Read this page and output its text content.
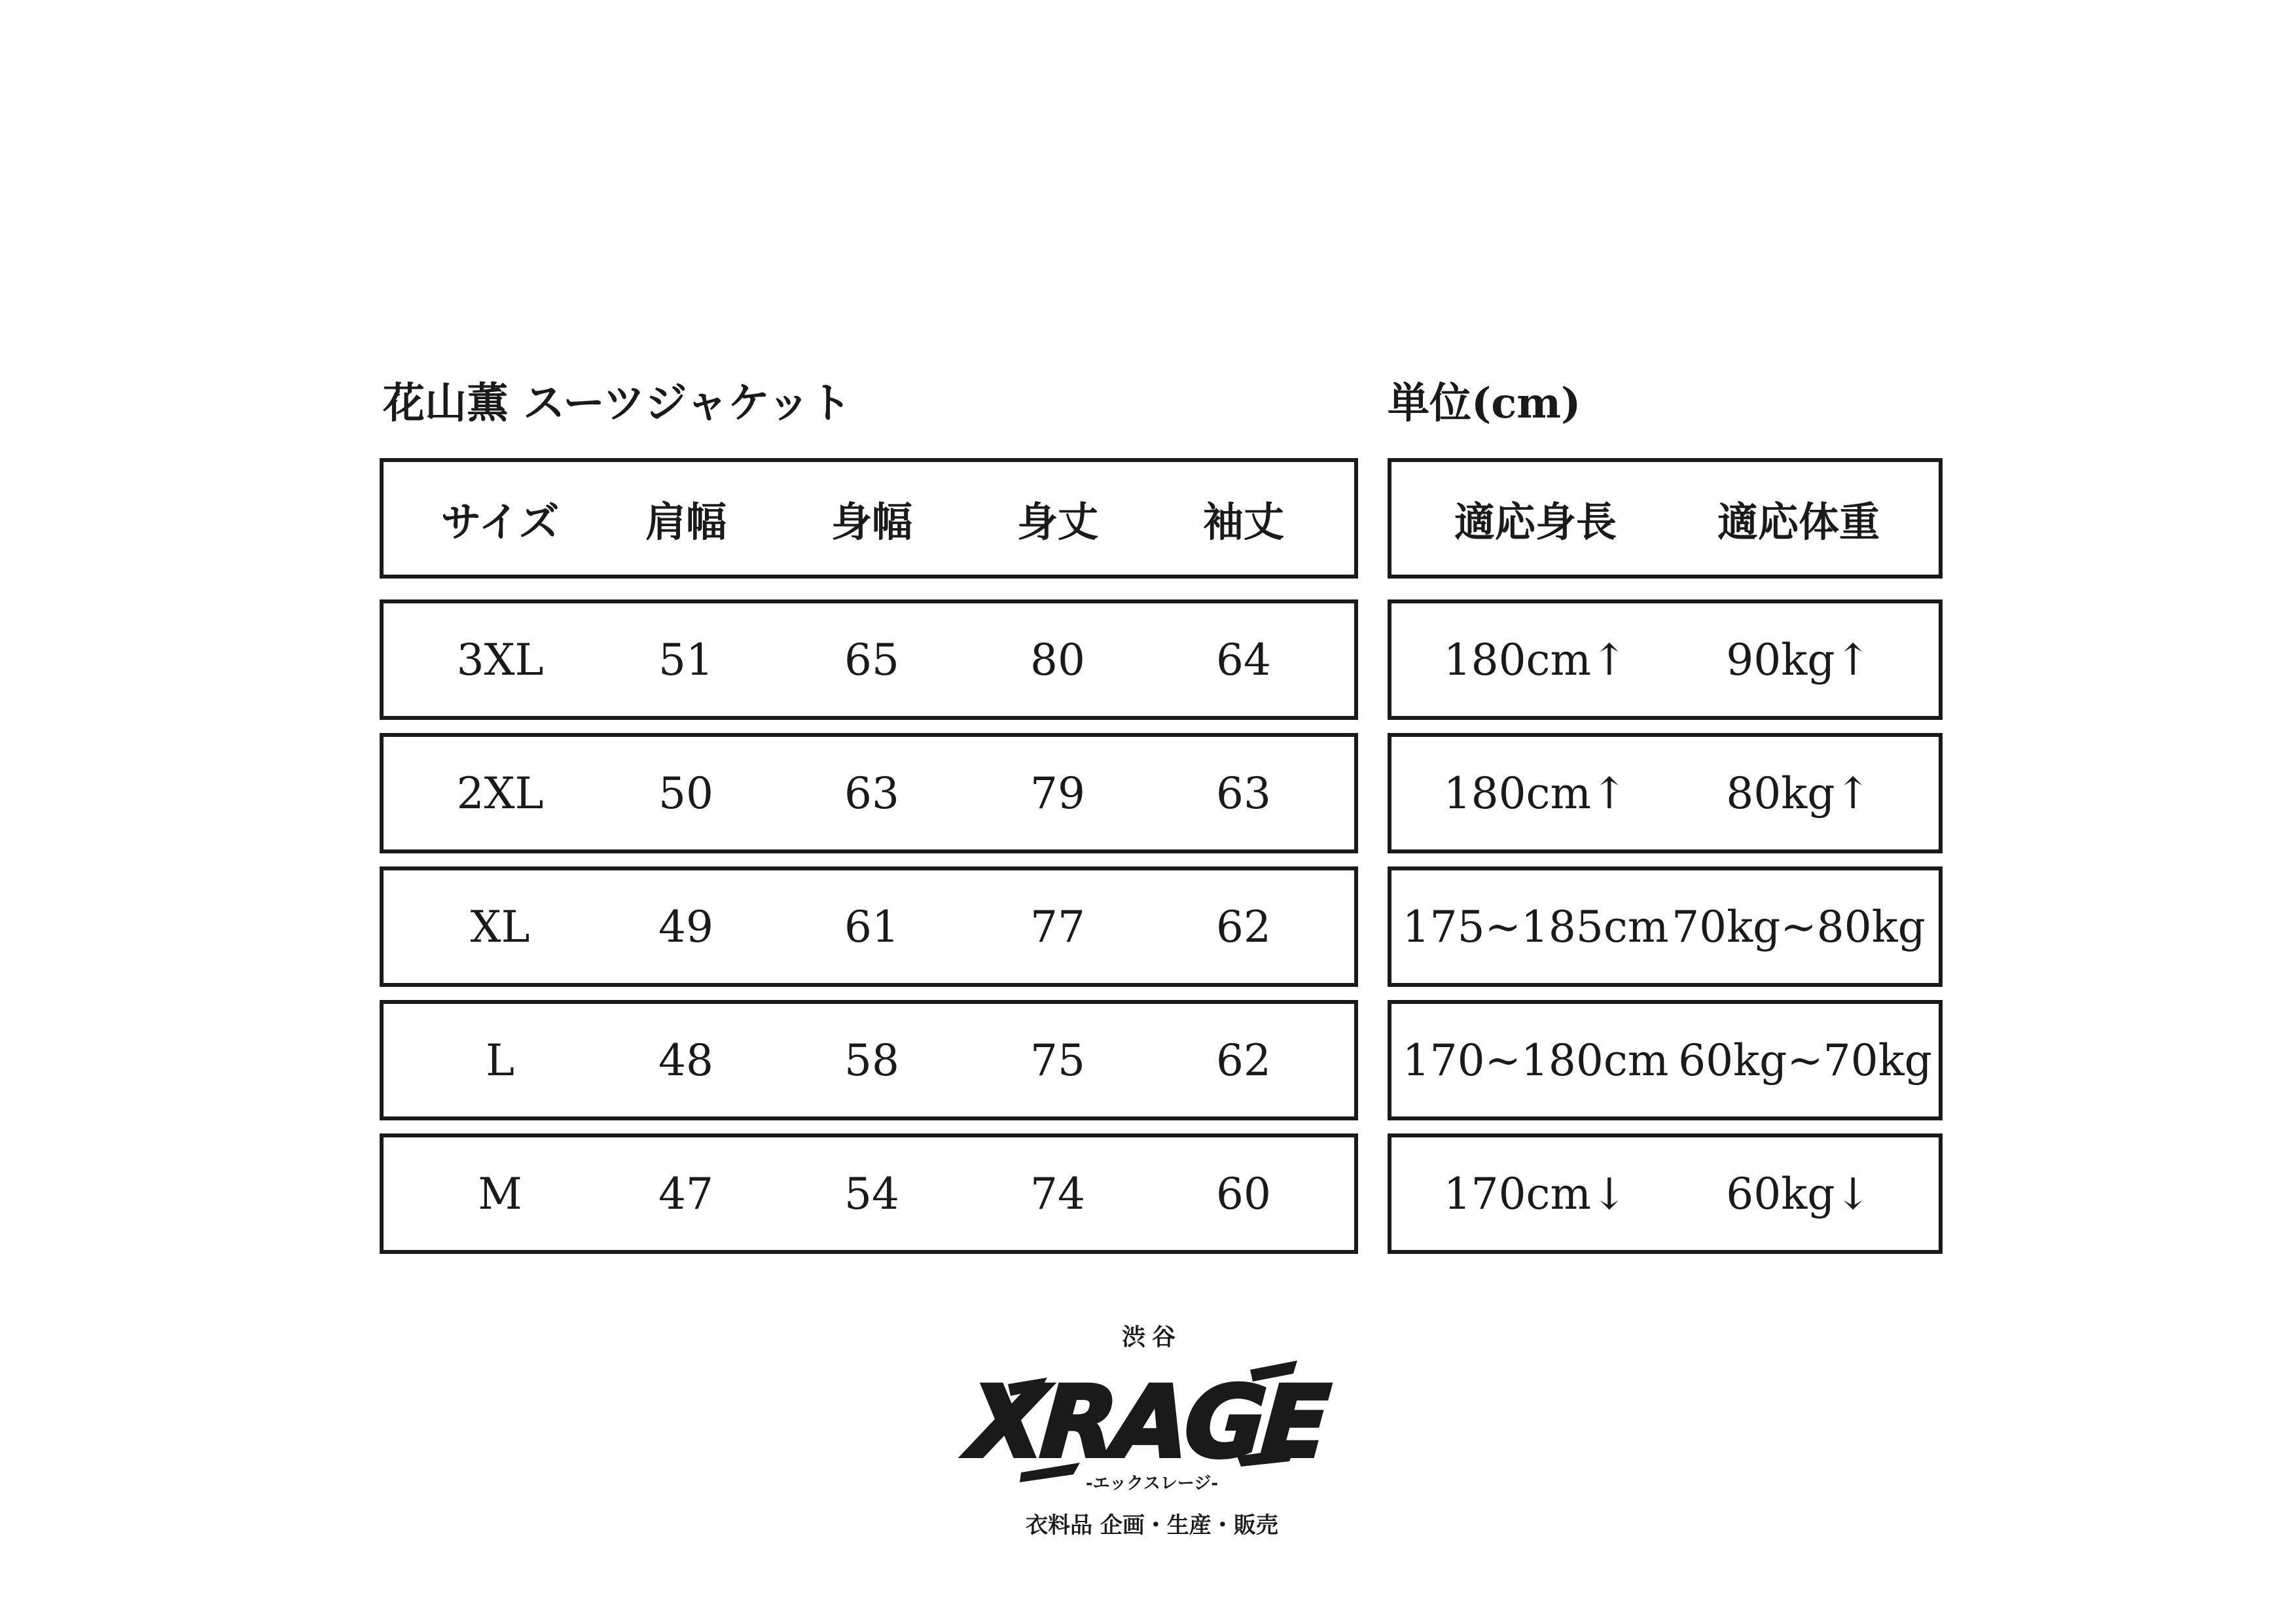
花山薫 スーツジャケット	単位(cm)
サイズ 肩幅	身幅	身丈	袖丈
3XL	51	65	80	64
2XL	50	63	79	63
XL	49	61	77	62
L	48	58	75	62
M	47	54	74	60
適応身長 適応体重
180cm↑ 90kg↑
180cm↑ 80kg↑
175~185cm 70kg~80kg
170~180cm 60kg~70kg
170cm↓ 60kg↓
渋谷
XRAGE
-エックスレージ-
衣料品 企画・生産・販売
